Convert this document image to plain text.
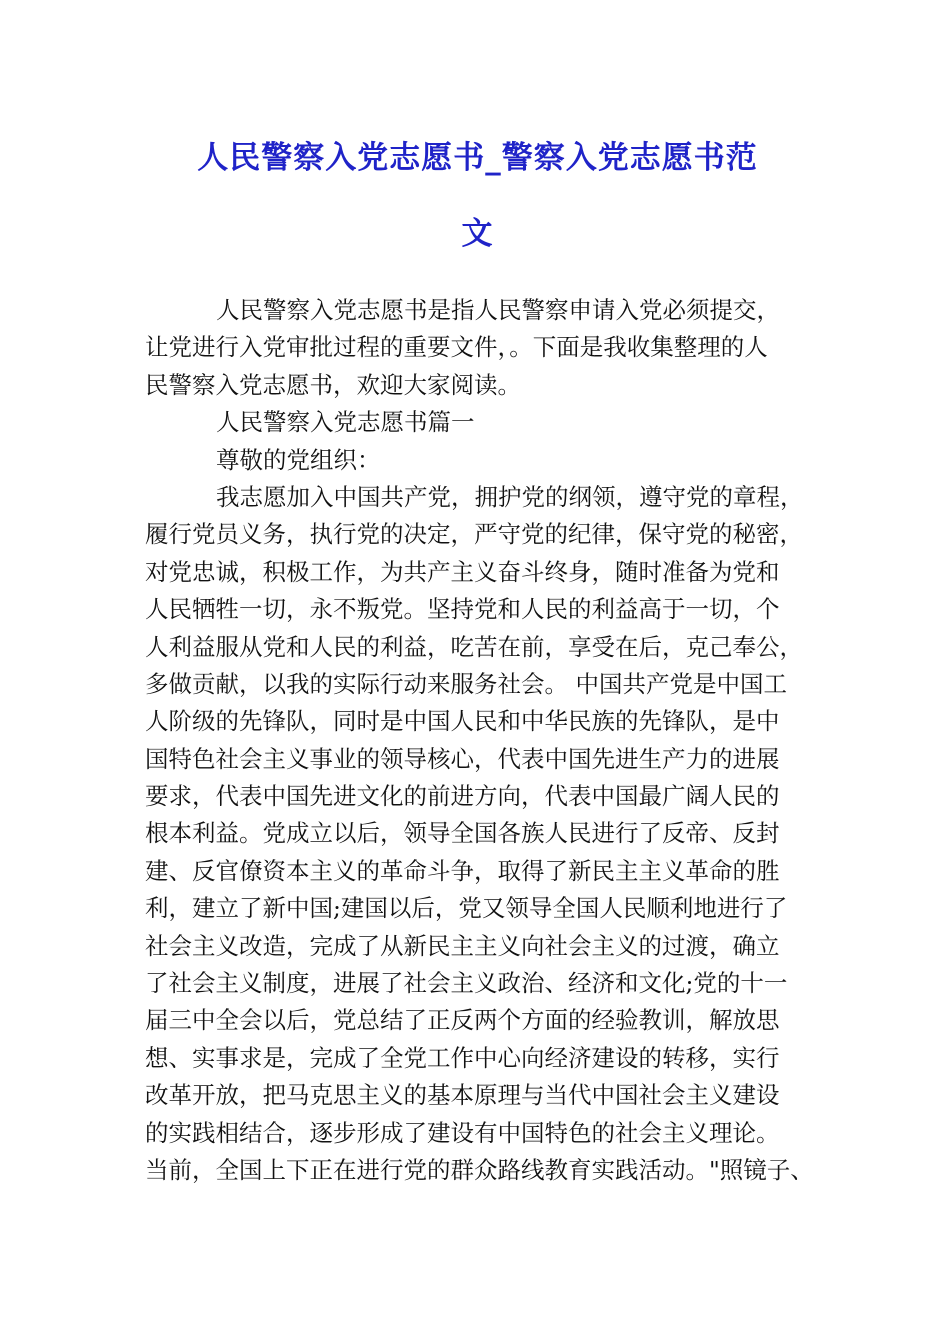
人民警察入党志愿书_警察入党志愿书范
文
人民警察入党志愿书是指人民警察申请入党必须提交，
让党进行入党审批过程的重要文件，。下面是我收集整理的人
民警察入党志愿书，欢迎大家阅读。
人民警察入党志愿书篇一
尊敬的党组织：
我志愿加入中国共产党，拥护党的纲领，遵守党的章程，
履行党员义务，执行党的决定，严守党的纪律，保守党的秘密，
对党忠诚，积极工作，为共产主义奋斗终身，随时准备为党和
人民牺牲一切，永不叛党。坚持党和人民的利益高于一切，个
人利益服从党和人民的利益，吃苦在前，享受在后，克己奉公，
多做贡献，以我的实际行动来服务社会。 中国共产党是中国工
人阶级的先锋队，同时是中国人民和中华民族的先锋队，是中
国特色社会主义事业的领导核心，代表中国先进生产力的进展
要求，代表中国先进文化的前进方向，代表中国最广阔人民的
根本利益。党成立以后，领导全国各族人民进行了反帝、反封
建、反官僚资本主义的革命斗争，取得了新民主主义革命的胜
利，建立了新中国;建国以后，党又领导全国人民顺利地进行了
社会主义改造，完成了从新民主主义向社会主义的过渡，确立
了社会主义制度，进展了社会主义政治、经济和文化;党的十一
届三中全会以后，党总结了正反两个方面的经验教训，解放思
想、实事求是，完成了全党工作中心向经济建设的转移，实行
改革开放，把马克思主义的基本原理与当代中国社会主义建设
的实践相结合，逐步形成了建设有中国特色的社会主义理论。
当前，全国上下正在进行党的群众路线教育实践活动。"照镜子、
